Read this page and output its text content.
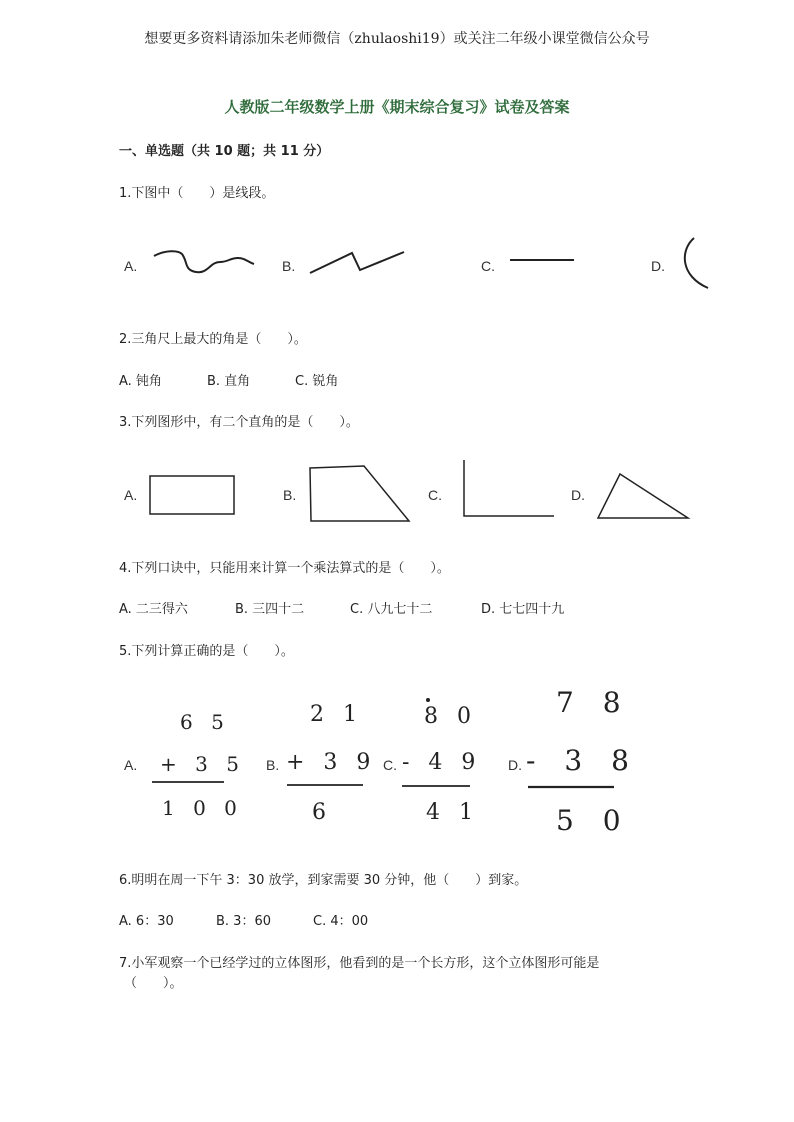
想要更多资料请添加朱老师微信（zhulaoshi19）或关注二年级小课堂微信公众号
人教版二年级数学上册《期末综合复习》试卷及答案
一、单选题（共 10 题；共 11 分）
1.下图中（　　）是线段。
A.	B.	C.	D.
2.三角尺上最大的角是（　　）。
A. 钝角	B. 直角	C. 锐角
3.下列图形中，有二个直角的是（　　）。
A.	B.	C.	D.
4.下列口诀中，只能用来计算一个乘法算式的是（　　）。
A. 二三得六	B. 三四十二	C. 八九七十二	D. 七七四十九
5.下列计算正确的是（　　）。
A.
6 5
+ 3 5
1 0 0
B.
2 1
+ 3 9
6
C.
8 0
- 4 9
4 1
D.
7 8
- 3 8
5 0
6.明明在周一下午 3：30 放学，到家需要 30 分钟，他（　　）到家。
A. 6：30	B. 3：60	C. 4：00
7.小军观察一个已经学过的立体图形，他看到的是一个长方形，这个立体图形可能是
（　　）。
